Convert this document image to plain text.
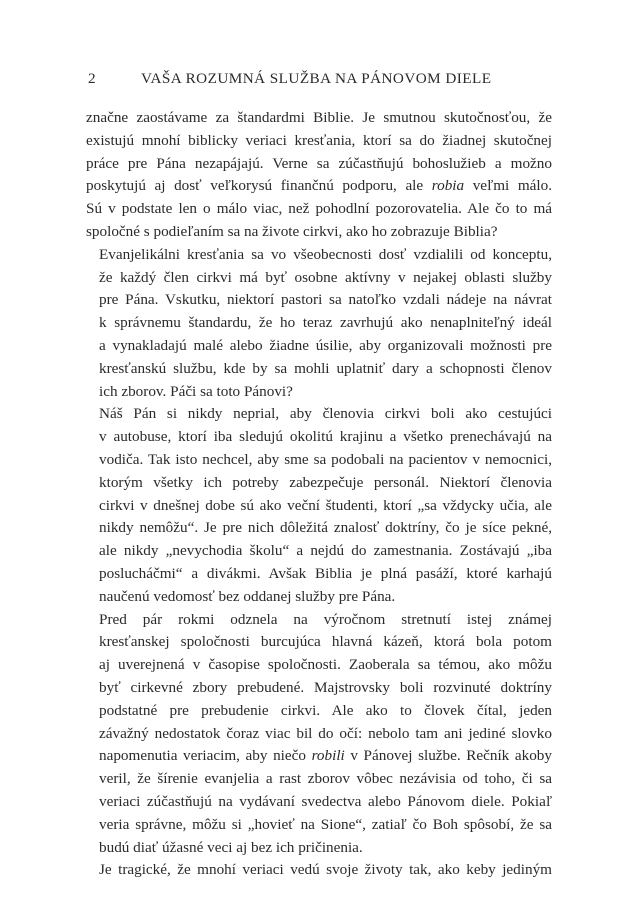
2	VAŠA ROZUMNÁ SLUŽBA NA PÁNOVOM DIELE
značne zaostávame za štandardmi Biblie. Je smutnou skutočnosťou, že
existujú mnohí biblicky veriaci kresťania, ktorí sa do žiadnej skutočnej
práce pre Pána nezapájajú. Verne sa zúčastňujú bohoslužieb a možno
poskytujú aj dosť veľkorysú finančnú podporu, ale robia veľmi málo.
Sú v podstate len o málo viac, než pohodlní pozorovatelia. Ale čo to má
spoločné s podieľaním sa na živote cirkvi, ako ho zobrazuje Biblia?
Evanjelikálni kresťania sa vo všeobecnosti dosť vzdialili od konceptu,
že každý člen cirkvi má byť osobne aktívny v nejakej oblasti služby
pre Pána. Vskutku, niektorí pastori sa natoľko vzdali nádeje na návrat
k správnemu štandardu, že ho teraz zavrhujú ako nenaplniteľný ideál
a vynakladajú malé alebo žiadne úsilie, aby organizovali možnosti pre
kresťanskú službu, kde by sa mohli uplatniť dary a schopnosti členov
ich zborov. Páči sa toto Pánovi?
Náš Pán si nikdy neprial, aby členovia cirkvi boli ako cestujúci
v autobuse, ktorí iba sledujú okolitú krajinu a všetko prenechávajú na
vodiča. Tak isto nechcel, aby sme sa podobali na pacientov v nemocnici,
ktorým všetky ich potreby zabezpečuje personál. Niektorí členovia
cirkvi v dnešnej dobe sú ako veční študenti, ktorí „sa vždycky učia, ale
nikdy nemôžu“. Je pre nich dôležitá znalosť doktríny, čo je síce pekné,
ale nikdy „nevychodia školu“ a nejdú do zamestnania. Zostávajú „iba
poslucháčmi“ a divákmi. Avšak Biblia je plná pasáží, ktoré karhajú
naučenú vedomosť bez oddanej služby pre Pána.
Pred pár rokmi odznela na výročnom stretnutí istej známej
kresťanskej spoločnosti burcujúca hlavná kázeň, ktorá bola potom
aj uverejnená v časopise spoločnosti. Zaoberala sa témou, ako môžu
byť cirkevné zbory prebudené. Majstrovsky boli rozvinuté doktríny
podstatné pre prebudenie cirkvi. Ale ako to človek čítal, jeden
závažný nedostatok čoraz viac bil do očí: nebolo tam ani jediné slovko
napomenutia veriacim, aby niečo robili v Pánovej službe. Rečník akoby
veril, že šírenie evanjelia a rast zborov vôbec nezávisia od toho, či sa
veriaci zúčastňujú na vydávaní svedectva alebo Pánovom diele. Pokiaľ
veria správne, môžu si „hovieť na Sione“, zatiaľ čo Boh spôsobí, že sa
budú diať úžasné veci aj bez ich pričinenia.
Je tragické, že mnohí veriaci vedú svoje životy tak, ako keby jediným
